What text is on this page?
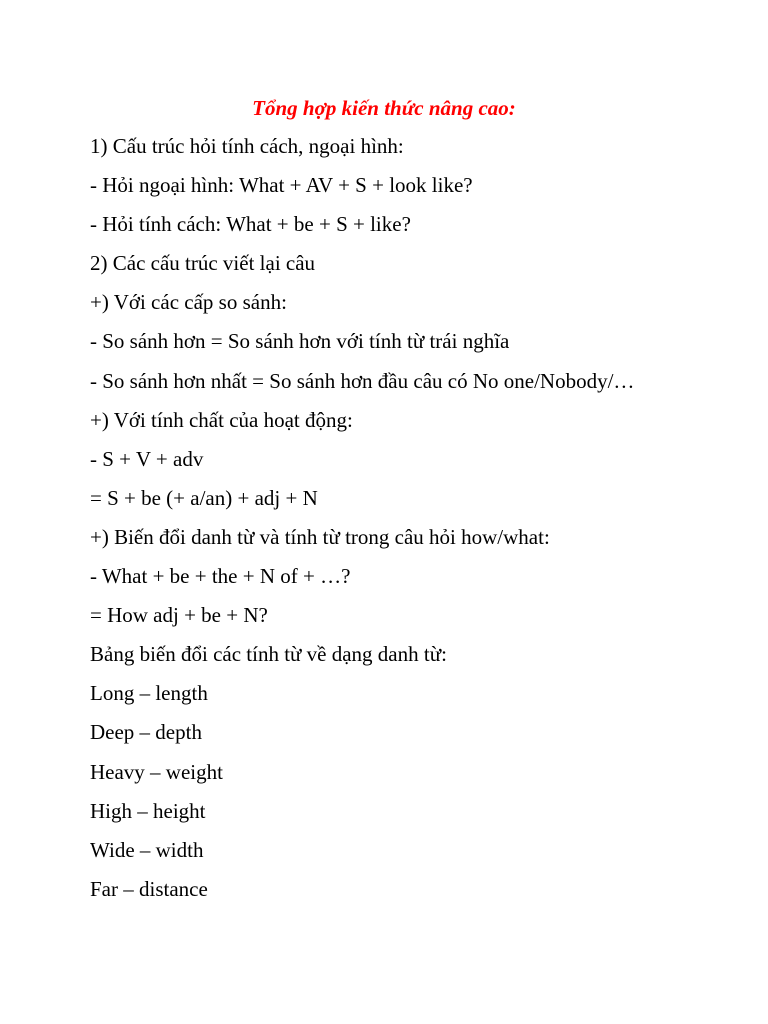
Tổng hợp kiến thức nâng cao:
1) Cấu trúc hỏi tính cách, ngoại hình:
- Hỏi ngoại hình: What + AV + S + look like?
- Hỏi tính cách: What + be + S + like?
2) Các cấu trúc viết lại câu
+) Với các cấp so sánh:
- So sánh hơn = So sánh hơn với tính từ trái nghĩa
- So sánh hơn nhất = So sánh hơn đầu câu có No one/Nobody/…
+) Với tính chất của hoạt động:
- S + V + adv
= S + be (+ a/an) + adj + N
+) Biến đổi danh từ và tính từ trong câu hỏi how/what:
- What + be + the + N of + …?
= How adj + be + N?
Bảng biến đổi các tính từ về dạng danh từ:
Long – length
Deep – depth
Heavy – weight
High – height
Wide – width
Far – distance
